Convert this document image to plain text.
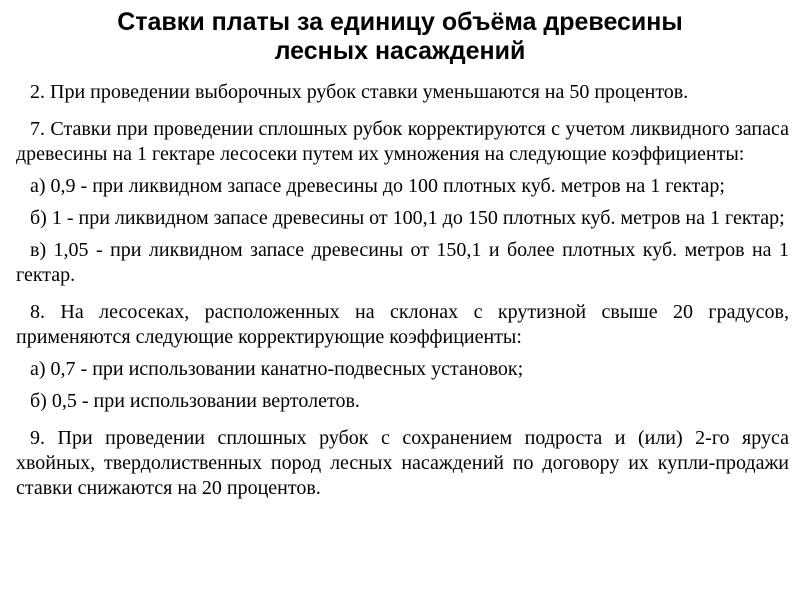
Ставки платы за единицу объёма древесины
лесных насаждений

2. При проведении выборочных рубок ставки уменьшаются на 50 процентов.

7. Ставки при проведении сплошных рубок корректируются с учетом ликвидного запаса древесины на 1 гектаре лесосеки путем их умножения на следующие коэффициенты:

а) 0,9 - при ликвидном запасе древесины до 100 плотных куб. метров на 1 гектар;

б) 1 - при ликвидном запасе древесины от 100,1 до 150 плотных куб. метров на 1 гектар;

в) 1,05 - при ликвидном запасе древесины от 150,1 и более плотных куб. метров на 1 гектар.

8. На лесосеках, расположенных на склонах с крутизной свыше 20 градусов, применяются следующие корректирующие коэффициенты:

а) 0,7 - при использовании канатно-подвесных установок;

б) 0,5 - при использовании вертолетов.

9. При проведении сплошных рубок с сохранением подроста и (или) 2-го яруса хвойных, твердолиственных пород лесных насаждений по договору их купли-продажи ставки снижаются на 20 процентов.
